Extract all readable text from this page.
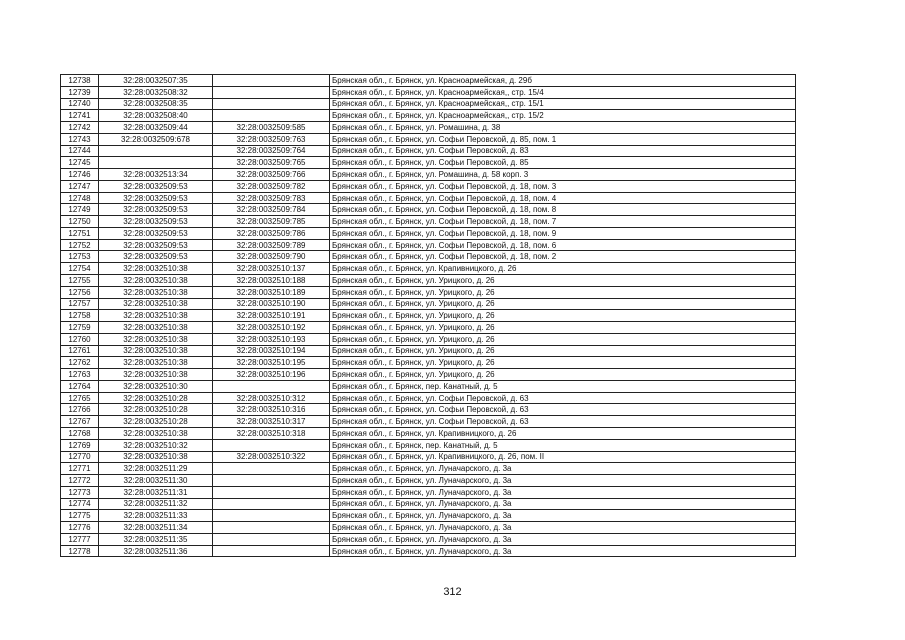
12738	32:28:0032507:35		Брянская обл., г. Брянск, ул. Красноармейская, д. 29б
12739	32:28:0032508:32		Брянская обл., г. Брянск, ул. Красноармейская,, стр. 15/4
12740	32:28:0032508:35		Брянская обл., г. Брянск, ул. Красноармейская,, стр. 15/1
12741	32:28:0032508:40		Брянская обл., г. Брянск, ул. Красноармейская,, стр. 15/2
12742	32:28:0032509:44	32:28:0032509:585	Брянская обл., г. Брянск, ул. Ромашина, д. 38
12743	32:28:0032509:678	32:28:0032509:763	Брянская обл., г. Брянск, ул. Софьи Перовской, д. 85, пом. 1
12744		32:28:0032509:764	Брянская обл., г. Брянск, ул. Софьи Перовской, д. 83
12745		32:28:0032509:765	Брянская обл., г. Брянск, ул. Софьи Перовской, д. 85
12746	32:28:0032513:34	32:28:0032509:766	Брянская обл., г. Брянск, ул. Ромашина, д. 58 корп. 3
12747	32:28:0032509:53	32:28:0032509:782	Брянская обл., г. Брянск, ул. Софьи Перовской, д. 18, пом. 3
12748	32:28:0032509:53	32:28:0032509:783	Брянская обл., г. Брянск, ул. Софьи Перовской, д. 18, пом. 4
12749	32:28:0032509:53	32:28:0032509:784	Брянская обл., г. Брянск, ул. Софьи Перовской, д. 18, пом. 8
12750	32:28:0032509:53	32:28:0032509:785	Брянская обл., г. Брянск, ул. Софьи Перовской, д. 18, пом. 7
12751	32:28:0032509:53	32:28:0032509:786	Брянская обл., г. Брянск, ул. Софьи Перовской, д. 18, пом. 9
12752	32:28:0032509:53	32:28:0032509:789	Брянская обл., г. Брянск, ул. Софьи Перовской, д. 18, пом. 6
12753	32:28:0032509:53	32:28:0032509:790	Брянская обл., г. Брянск, ул. Софьи Перовской, д. 18, пом. 2
12754	32:28:0032510:38	32:28:0032510:137	Брянская обл., г. Брянск, ул. Крапивницкого, д. 26
12755	32:28:0032510:38	32:28:0032510:188	Брянская обл., г. Брянск, ул. Урицкого, д. 26
12756	32:28:0032510:38	32:28:0032510:189	Брянская обл., г. Брянск, ул. Урицкого, д. 26
12757	32:28:0032510:38	32:28:0032510:190	Брянская обл., г. Брянск, ул. Урицкого, д. 26
12758	32:28:0032510:38	32:28:0032510:191	Брянская обл., г. Брянск, ул. Урицкого, д. 26
12759	32:28:0032510:38	32:28:0032510:192	Брянская обл., г. Брянск, ул. Урицкого, д. 26
12760	32:28:0032510:38	32:28:0032510:193	Брянская обл., г. Брянск, ул. Урицкого, д. 26
12761	32:28:0032510:38	32:28:0032510:194	Брянская обл., г. Брянск, ул. Урицкого, д. 26
12762	32:28:0032510:38	32:28:0032510:195	Брянская обл., г. Брянск, ул. Урицкого, д. 26
12763	32:28:0032510:38	32:28:0032510:196	Брянская обл., г. Брянск, ул. Урицкого, д. 26
12764	32:28:0032510:30		Брянская обл., г. Брянск, пер. Канатный, д. 5
12765	32:28:0032510:28	32:28:0032510:312	Брянская обл., г. Брянск, ул. Софьи Перовской, д. 63
12766	32:28:0032510:28	32:28:0032510:316	Брянская обл., г. Брянск, ул. Софьи Перовской, д. 63
12767	32:28:0032510:28	32:28:0032510:317	Брянская обл., г. Брянск, ул. Софьи Перовской, д. 63
12768	32:28:0032510:38	32:28:0032510:318	Брянская обл., г. Брянск, ул. Крапивницкого, д. 26
12769	32:28:0032510:32		Брянская обл., г. Брянск, пер. Канатный, д. 5
12770	32:28:0032510:38	32:28:0032510:322	Брянская обл., г. Брянск, ул. Крапивницкого, д. 26, пом. II
12771	32:28:0032511:29		Брянская обл., г. Брянск, ул. Луначарского, д. 3а
12772	32:28:0032511:30		Брянская обл., г. Брянск, ул. Луначарского, д. 3а
12773	32:28:0032511:31		Брянская обл., г. Брянск, ул. Луначарского, д. 3а
12774	32:28:0032511:32		Брянская обл., г. Брянск, ул. Луначарского, д. 3а
12775	32:28:0032511:33		Брянская обл., г. Брянск, ул. Луначарского, д. 3а
12776	32:28:0032511:34		Брянская обл., г. Брянск, ул. Луначарского, д. 3а
12777	32:28:0032511:35		Брянская обл., г. Брянск, ул. Луначарского, д. 3а
12778	32:28:0032511:36		Брянская обл., г. Брянск, ул. Луначарского, д. 3а
312
